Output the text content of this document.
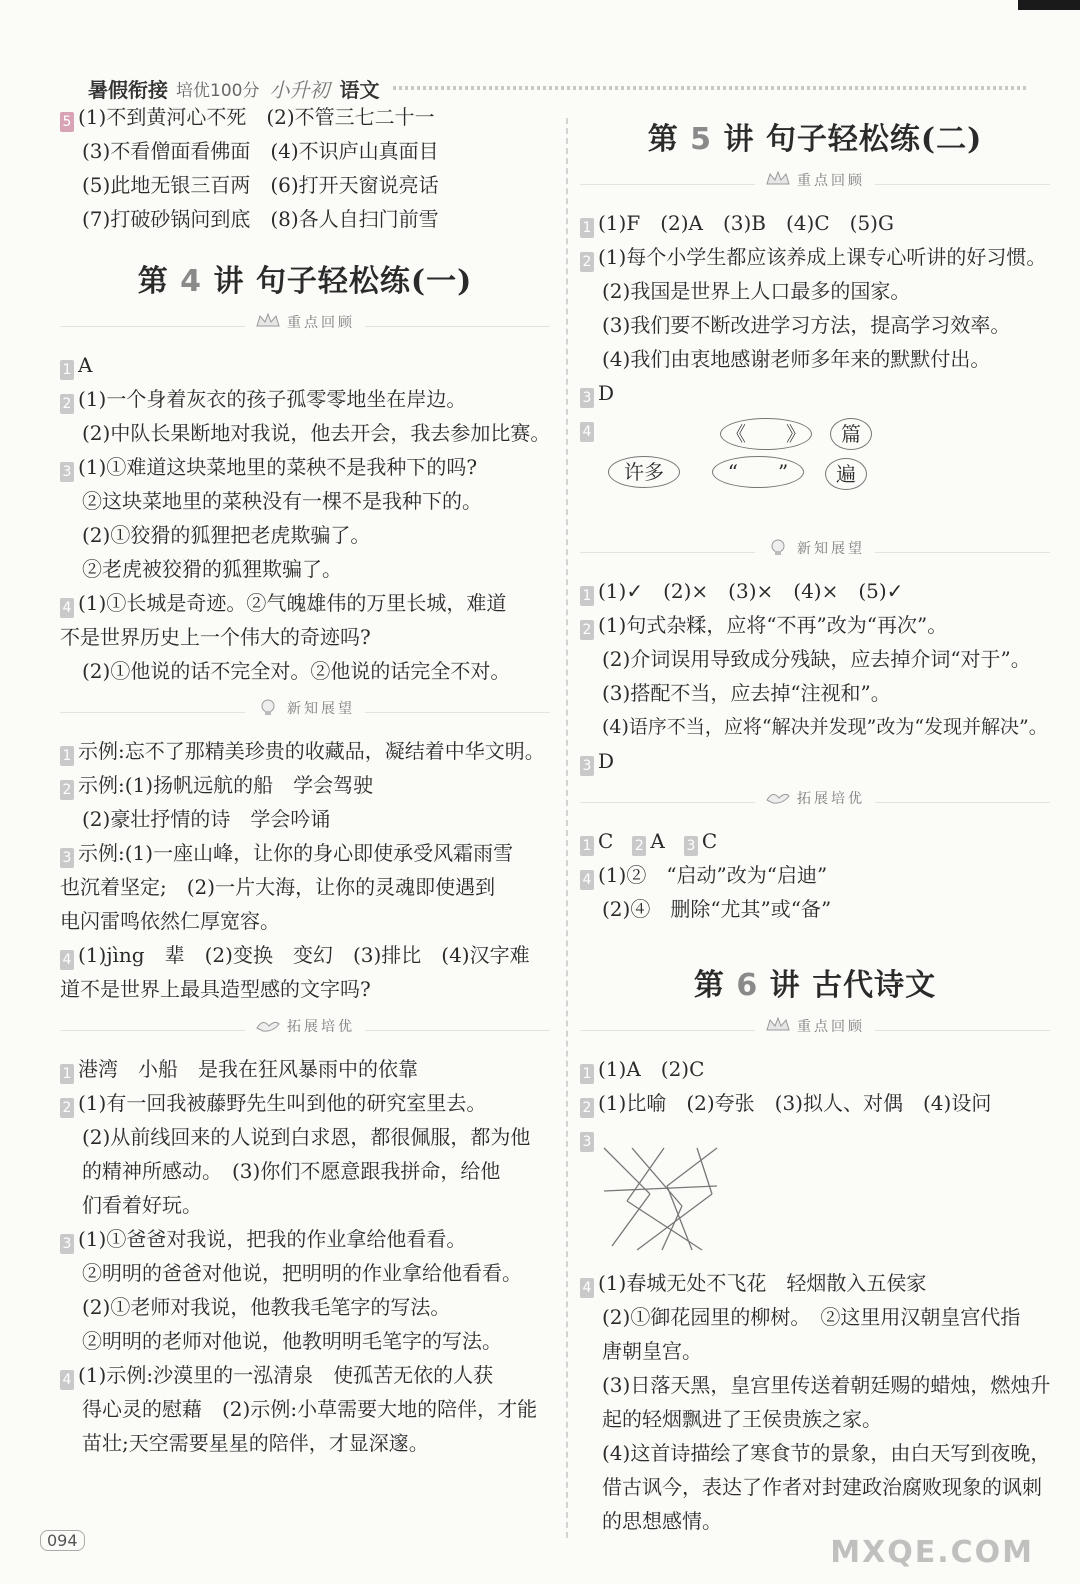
暑假衔接 培优100分 小升初 语文
5 (1)不到黄河心不死　(2)不管三七二十一
(3)不看僧面看佛面　(4)不识庐山真面目
(5)此地无银三百两　(6)打开天窗说亮话
(7)打破砂锅问到底　(8)各人自扫门前雪
第 4 讲 句子轻松练(一)
重点回顾
1 A
2 (1)一个身着灰衣的孩子孤零零地坐在岸边。
(2)中队长果断地对我说，他去开会，我去参加比赛。
3 (1)①难道这块菜地里的菜秧不是我种下的吗?
②这块菜地里的菜秧没有一棵不是我种下的。
(2)①狡猾的狐狸把老虎欺骗了。
②老虎被狡猾的狐狸欺骗了。
4 (1)①长城是奇迹。②气魄雄伟的万里长城，难道
不是世界历史上一个伟大的奇迹吗?
(2)①他说的话不完全对。②他说的话完全不对。
新知展望
1 示例:忘不了那精美珍贵的收藏品，凝结着中华文明。
2 示例:(1)扬帆远航的船　学会驾驶
(2)豪壮抒情的诗　学会吟诵
3 示例:(1)一座山峰，让你的身心即使承受风霜雨雪
也沉着坚定;　(2)一片大海，让你的灵魂即使遇到
电闪雷鸣依然仁厚宽容。
4 (1)jìng　辈　(2)变换　变幻　(3)排比　(4)汉字难
道不是世界上最具造型感的文字吗?
拓展培优
1 港湾　小船　是我在狂风暴雨中的依靠
2 (1)有一回我被藤野先生叫到他的研究室里去。
(2)从前线回来的人说到白求恩，都很佩服，都为他
的精神所感动。　(3)你们不愿意跟我拼命，给他
们看着好玩。
3 (1)①爸爸对我说，把我的作业拿给他看看。
②明明的爸爸对他说，把明明的作业拿给他看看。
(2)①老师对我说，他教我毛笔字的写法。
②明明的老师对他说，他教明明毛笔字的写法。
4 (1)示例:沙漠里的一泓清泉　使孤苦无依的人获
得心灵的慰藉　(2)示例:小草需要大地的陪伴，才能
苗壮;天空需要星星的陪伴，才显深邃。
第 5 讲 句子轻松练(二)
重点回顾
1 (1)F　(2)A　(3)B　(4)C　(5)G
2 (1)每个小学生都应该养成上课专心听讲的好习惯。
(2)我国是世界上人口最多的国家。
(3)我们要不断改进学习方法，提高学习效率。
(4)我们由衷地感谢老师多年来的默默付出。
3 D
4	《　　》	篇
许多	“　　”	遍
新知展望
1 (1)✓　(2)×　(3)×　(4)×　(5)✓
2 (1)句式杂糅，应将“不再”改为“再次”。
(2)介词误用导致成分残缺，应去掉介词“对于”。
(3)搭配不当，应去掉“注视和”。
(4)语序不当，应将“解决并发现”改为“发现并解决”。
3 D
拓展培优
1 C 2 A 3 C
4 (1)②　“启动”改为“启迪”
(2)④　删除“尤其”或“备”
第 6 讲 古代诗文
重点回顾
1 (1)A　(2)C
2 (1)比喻　(2)夸张　(3)拟人、对偶　(4)设问
3
4 (1)春城无处不飞花　轻烟散入五侯家
(2)①御花园里的柳树。　②这里用汉朝皇宫代指
唐朝皇宫。
(3)日落天黑，皇宫里传送着朝廷赐的蜡烛，燃烛升
起的轻烟飘进了王侯贵族之家。
(4)这首诗描绘了寒食节的景象，由白天写到夜晚，
借古讽今，表达了作者对封建政治腐败现象的讽刺
的思想感情。
094	MXQE.COM
